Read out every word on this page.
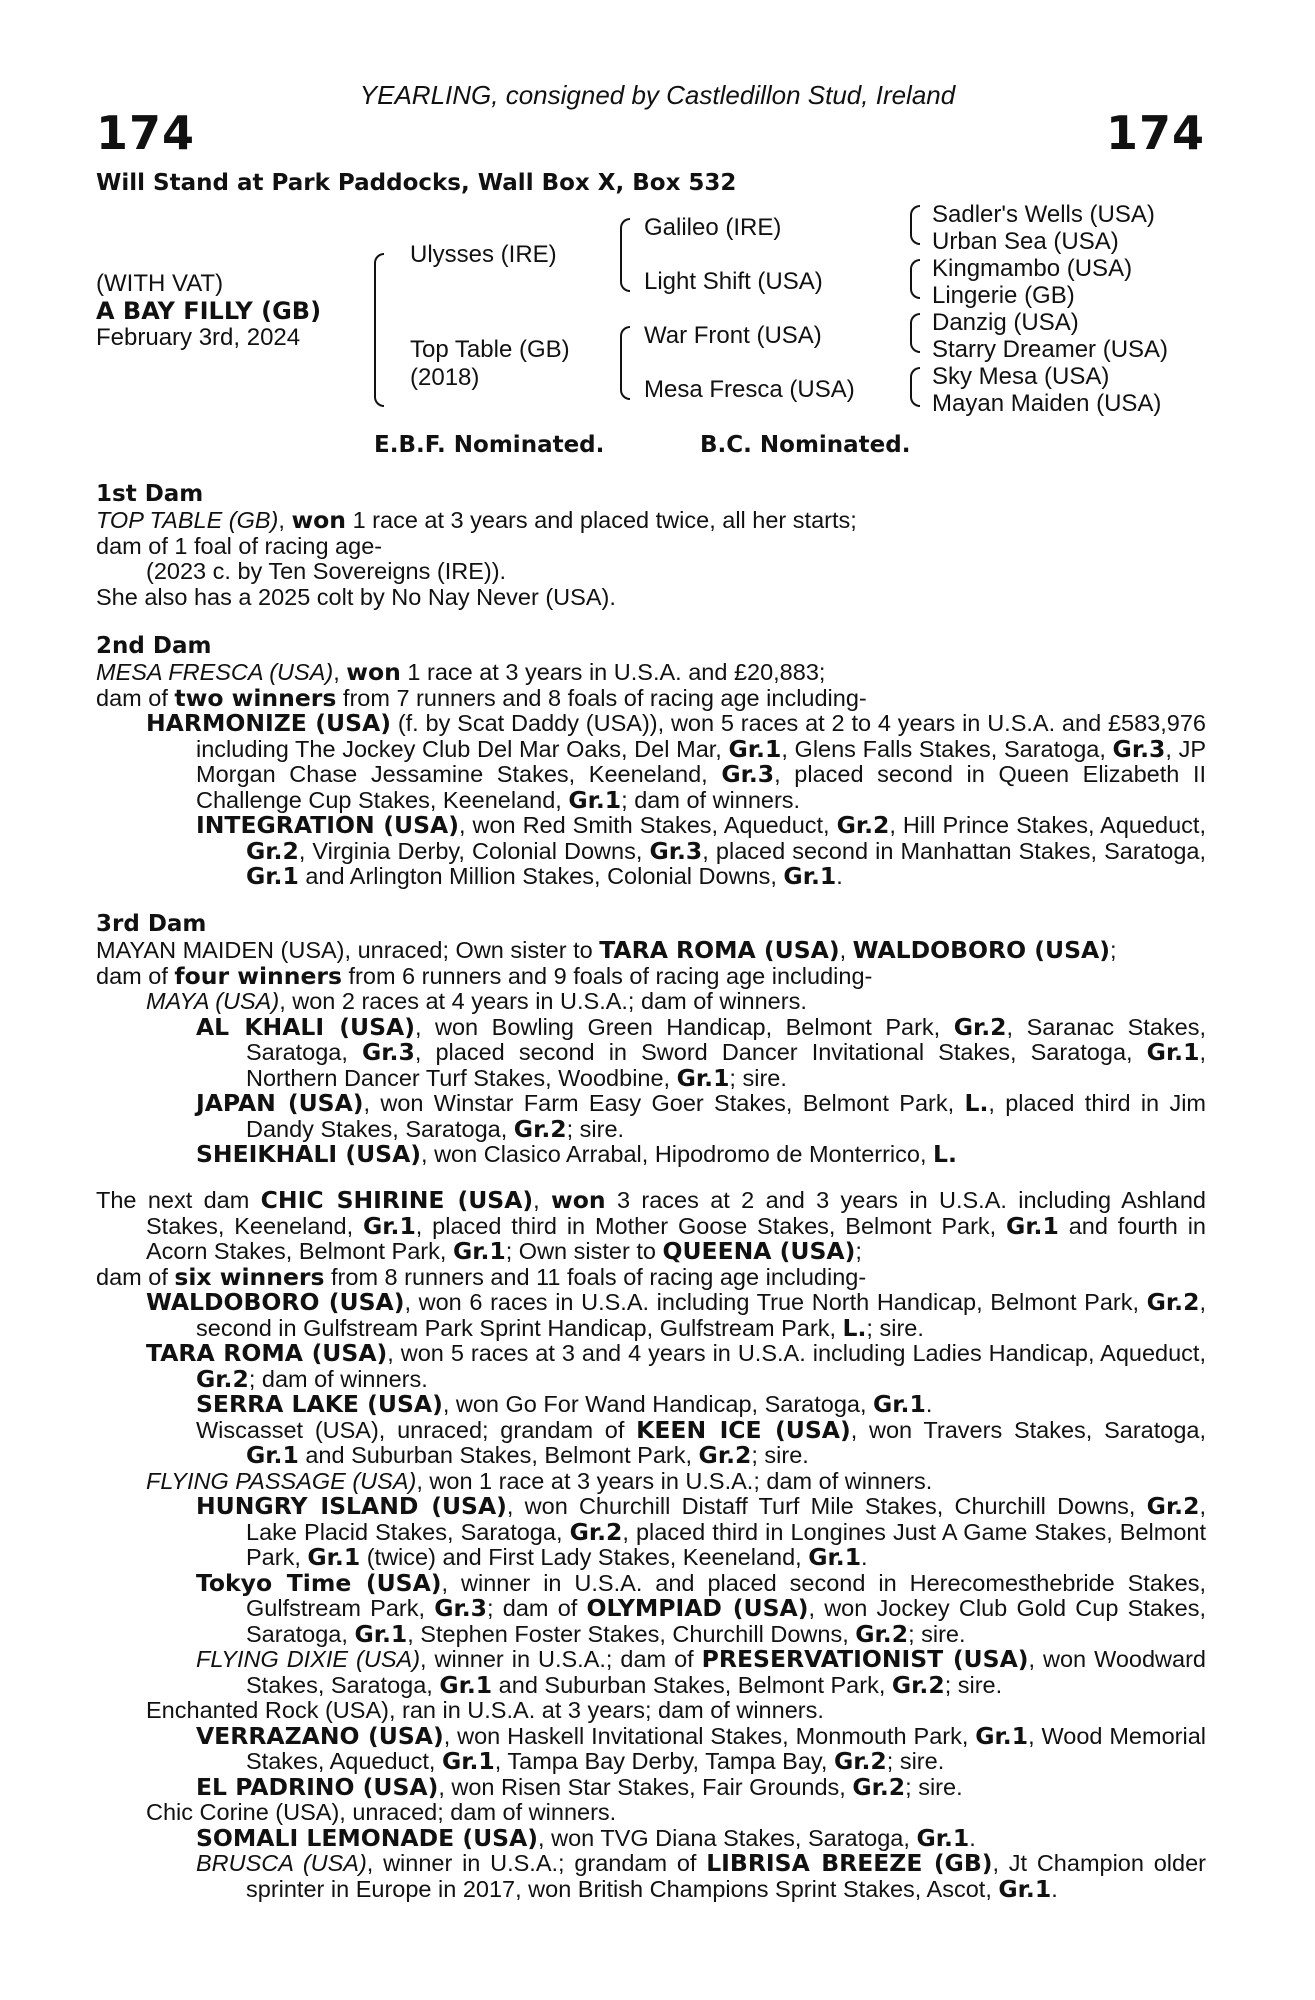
YEARLING, consigned by Castledillon Stud, Ireland
174	174
Will Stand at Park Paddocks, Wall Box X, Box 532
(WITH VAT)
A BAY FILLY (GB)
February 3rd, 2024
Ulysses (IRE)
Top Table (GB)
(2018)
Galileo (IRE)
Light Shift (USA)
War Front (USA)
Mesa Fresca (USA)
Sadler's Wells (USA)
Urban Sea (USA)
Kingmambo (USA)
Lingerie (GB)
Danzig (USA)
Starry Dreamer (USA)
Sky Mesa (USA)
Mayan Maiden (USA)
E.B.F. Nominated.	B.C. Nominated.
1st Dam
TOP TABLE (GB), won 1 race at 3 years and placed twice, all her starts;
dam of 1 foal of racing age-
(2023 c. by Ten Sovereigns (IRE)).
She also has a 2025 colt by No Nay Never (USA).
2nd Dam
MESA FRESCA (USA), won 1 race at 3 years in U.S.A. and £20,883;
dam of two winners from 7 runners and 8 foals of racing age including-
HARMONIZE (USA) (f. by Scat Daddy (USA)), won 5 races at 2 to 4 years in U.S.A. and £583,976 including The Jockey Club Del Mar Oaks, Del Mar, Gr.1, Glens Falls Stakes, Saratoga, Gr.3, JP Morgan Chase Jessamine Stakes, Keeneland, Gr.3, placed second in Queen Elizabeth II Challenge Cup Stakes, Keeneland, Gr.1; dam of winners.
INTEGRATION (USA), won Red Smith Stakes, Aqueduct, Gr.2, Hill Prince Stakes, Aqueduct, Gr.2, Virginia Derby, Colonial Downs, Gr.3, placed second in Manhattan Stakes, Saratoga, Gr.1 and Arlington Million Stakes, Colonial Downs, Gr.1.
3rd Dam
MAYAN MAIDEN (USA), unraced; Own sister to TARA ROMA (USA), WALDOBORO (USA);
dam of four winners from 6 runners and 9 foals of racing age including-
MAYA (USA), won 2 races at 4 years in U.S.A.; dam of winners.
AL KHALI (USA), won Bowling Green Handicap, Belmont Park, Gr.2, Saranac Stakes, Saratoga, Gr.3, placed second in Sword Dancer Invitational Stakes, Saratoga, Gr.1, Northern Dancer Turf Stakes, Woodbine, Gr.1; sire.
JAPAN (USA), won Winstar Farm Easy Goer Stakes, Belmont Park, L., placed third in Jim Dandy Stakes, Saratoga, Gr.2; sire.
SHEIKHALI (USA), won Clasico Arrabal, Hipodromo de Monterrico, L.
The next dam CHIC SHIRINE (USA), won 3 races at 2 and 3 years in U.S.A. including Ashland Stakes, Keeneland, Gr.1, placed third in Mother Goose Stakes, Belmont Park, Gr.1 and fourth in Acorn Stakes, Belmont Park, Gr.1; Own sister to QUEENA (USA);
dam of six winners from 8 runners and 11 foals of racing age including-
WALDOBORO (USA), won 6 races in U.S.A. including True North Handicap, Belmont Park, Gr.2, second in Gulfstream Park Sprint Handicap, Gulfstream Park, L.; sire.
TARA ROMA (USA), won 5 races at 3 and 4 years in U.S.A. including Ladies Handicap, Aqueduct, Gr.2; dam of winners.
SERRA LAKE (USA), won Go For Wand Handicap, Saratoga, Gr.1.
Wiscasset (USA), unraced; grandam of KEEN ICE (USA), won Travers Stakes, Saratoga, Gr.1 and Suburban Stakes, Belmont Park, Gr.2; sire.
FLYING PASSAGE (USA), won 1 race at 3 years in U.S.A.; dam of winners.
HUNGRY ISLAND (USA), won Churchill Distaff Turf Mile Stakes, Churchill Downs, Gr.2, Lake Placid Stakes, Saratoga, Gr.2, placed third in Longines Just A Game Stakes, Belmont Park, Gr.1 (twice) and First Lady Stakes, Keeneland, Gr.1.
Tokyo Time (USA), winner in U.S.A. and placed second in Herecomesthebride Stakes, Gulfstream Park, Gr.3; dam of OLYMPIAD (USA), won Jockey Club Gold Cup Stakes, Saratoga, Gr.1, Stephen Foster Stakes, Churchill Downs, Gr.2; sire.
FLYING DIXIE (USA), winner in U.S.A.; dam of PRESERVATIONIST (USA), won Woodward Stakes, Saratoga, Gr.1 and Suburban Stakes, Belmont Park, Gr.2; sire.
Enchanted Rock (USA), ran in U.S.A. at 3 years; dam of winners.
VERRAZANO (USA), won Haskell Invitational Stakes, Monmouth Park, Gr.1, Wood Memorial Stakes, Aqueduct, Gr.1, Tampa Bay Derby, Tampa Bay, Gr.2; sire.
EL PADRINO (USA), won Risen Star Stakes, Fair Grounds, Gr.2; sire.
Chic Corine (USA), unraced; dam of winners.
SOMALI LEMONADE (USA), won TVG Diana Stakes, Saratoga, Gr.1.
BRUSCA (USA), winner in U.S.A.; grandam of LIBRISA BREEZE (GB), Jt Champion older sprinter in Europe in 2017, won British Champions Sprint Stakes, Ascot, Gr.1.
